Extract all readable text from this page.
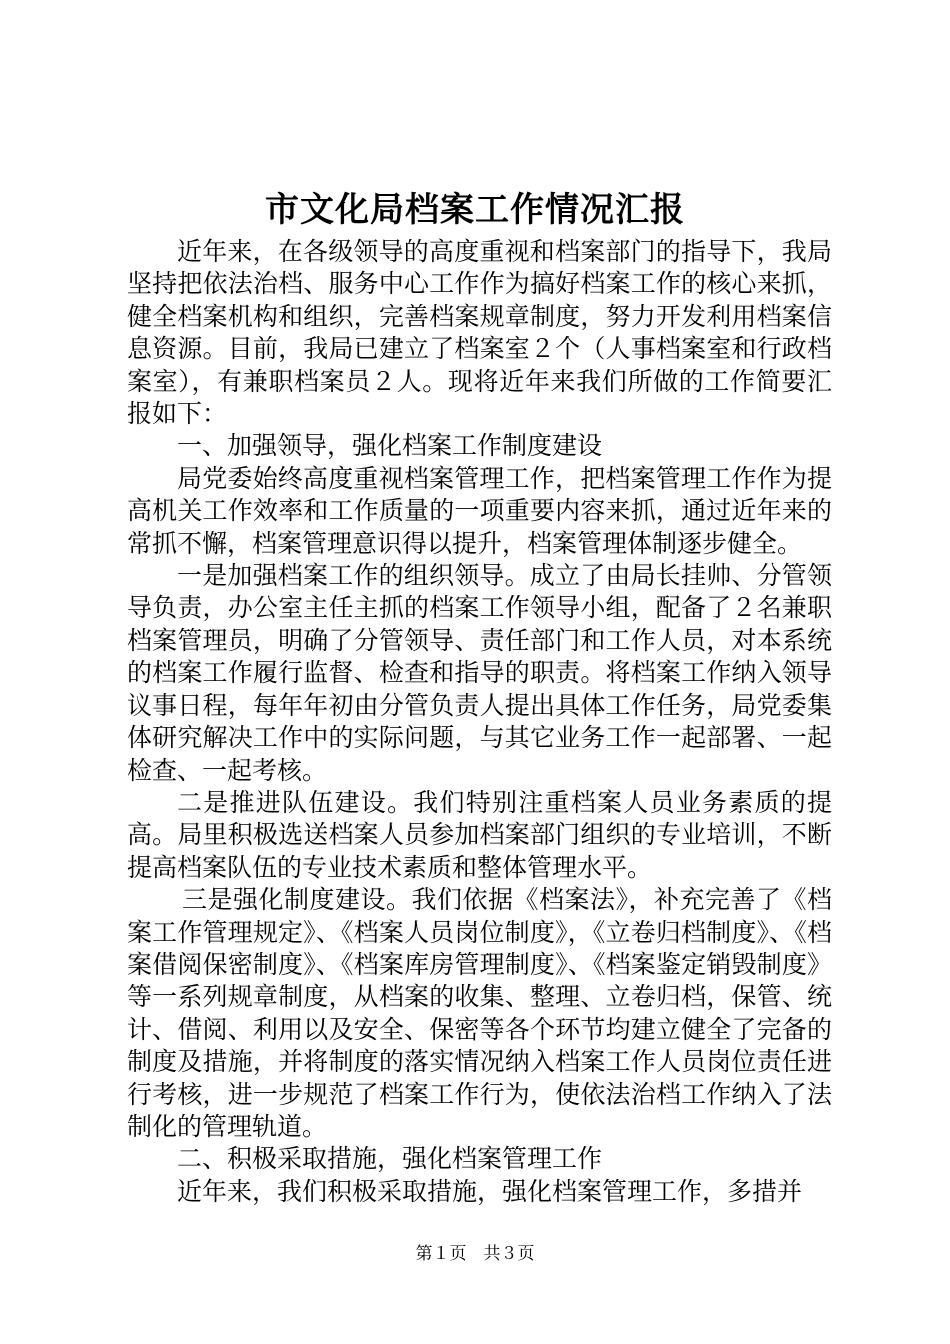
市文化局档案工作情况汇报

近年来，在各级领导的高度重视和档案部门的指导下，我局坚持把依法治档、服务中心工作作为搞好档案工作的核心来抓，健全档案机构和组织，完善档案规章制度，努力开发利用档案信息资源。目前，我局已建立了档案室２个（人事档案室和行政档案室），有兼职档案员２人。现将近年来我们所做的工作简要汇报如下：

一、加强领导，强化档案工作制度建设

局党委始终高度重视档案管理工作，把档案管理工作作为提高机关工作效率和工作质量的一项重要内容来抓，通过近年来的常抓不懈，档案管理意识得以提升，档案管理体制逐步健全。

一是加强档案工作的组织领导。成立了由局长挂帅、分管领导负责，办公室主任主抓的档案工作领导小组，配备了２名兼职档案管理员，明确了分管领导、责任部门和工作人员，对本系统的档案工作履行监督、检查和指导的职责。将档案工作纳入领导议事日程，每年年初由分管负责人提出具体工作任务，局党委集体研究解决工作中的实际问题，与其它业务工作一起部署、一起检查、一起考核。

二是推进队伍建设。我们特别注重档案人员业务素质的提高。局里积极选送档案人员参加档案部门组织的专业培训，不断提高档案队伍的专业技术素质和整体管理水平。

三是强化制度建设。我们依据《档案法》，补充完善了《档案工作管理规定》、《档案人员岗位制度》，《立卷归档制度》、《档案借阅保密制度》、《档案库房管理制度》、《档案鉴定销毁制度》等一系列规章制度，从档案的收集、整理、立卷归档，保管、统计、借阅、利用以及安全、保密等各个环节均建立健全了完备的制度及措施，并将制度的落实情况纳入档案工作人员岗位责任进行考核，进一步规范了档案工作行为，使依法治档工作纳入了法制化的管理轨道。

二、积极采取措施，强化档案管理工作

近年来，我们积极采取措施，强化档案管理工作，多措并

第１页　共３页
